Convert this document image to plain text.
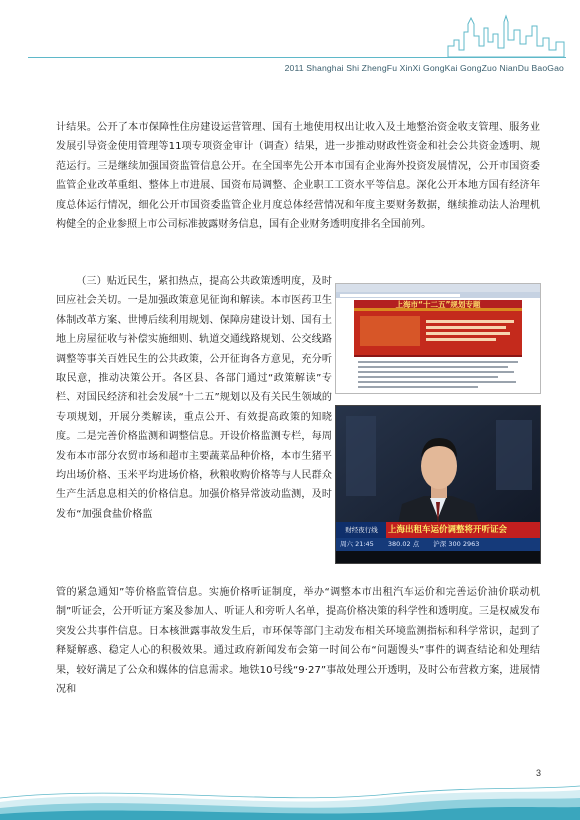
2011 Shanghai Shi ZhengFu XinXi GongKai GongZuo NianDu BaoGao

计结果。公开了本市保障性住房建设运营管理、国有土地使用权出让收入及土地整治资金收支管理、服务业发展引导资金使用管理等11项专项资金审计（调查）结果，进一步推动财政性资金和社会公共资金透明、规范运行。三是继续加强国资监管信息公开。在全国率先公开本市国有企业海外投资发展情况，公开市国资委监管企业改革重组、整体上市进展、国资布局调整、企业职工工资水平等信息。深化公开本地方国有经济年度总体运行情况，细化公开市国资委监管企业月度总体经营情况和年度主要财务数据，继续推动法人治理机构健全的企业参照上市公司标准披露财务信息，国有企业财务透明度排名全国前列。

（三）贴近民生，紧扣热点，提高公共政策透明度，及时回应社会关切。一是加强政策意见征询和解读。本市医药卫生体制改革方案、世博后续利用规划、保障房建设计划、国有土地上房屋征收与补偿实施细则、轨道交通线路规划、公交线路调整等事关百姓民生的公共政策，公开征询各方意见，充分听取民意，推动决策公开。各区县、各部门通过“政策解读”专栏、对国民经济和社会发展“十二五”规划以及有关民生领域的专项规划，开展分类解读，重点公开、有效提高政策的知晓度。二是完善价格监测和调整信息。开设价格监测专栏，每周发布本市部分农贸市场和超市主要蔬菜品种价格，本市生猪平均出场价格、玉米平均进场价格，秋粮收购价格等与人民群众生产生活息息相关的价格信息。加强价格异常波动监测，及时发布“加强食盐价格监

上海市“十二五”规划专题
财经夜行线	上海出租车运价调整将开听证会
周六 21:45 380.02 点 沪深 300 2963

管的紧急通知”等价格监管信息。实施价格听证制度，举办“调整本市出租汽车运价和完善运价油价联动机制”听证会，公开听证方案及参加人、听证人和旁听人名单，提高价格决策的科学性和透明度。三是权威发布突发公共事件信息。日本核泄露事故发生后，市环保等部门主动发布相关环境监测指标和科学常识，起到了释疑解惑、稳定人心的积极效果。通过政府新闻发布会第一时间公布“问题馒头”事件的调查结论和处理结果，较好满足了公众和媒体的信息需求。地铁10号线“9·27”事故处理公开透明，及时公布营救方案，进展情况和

3
